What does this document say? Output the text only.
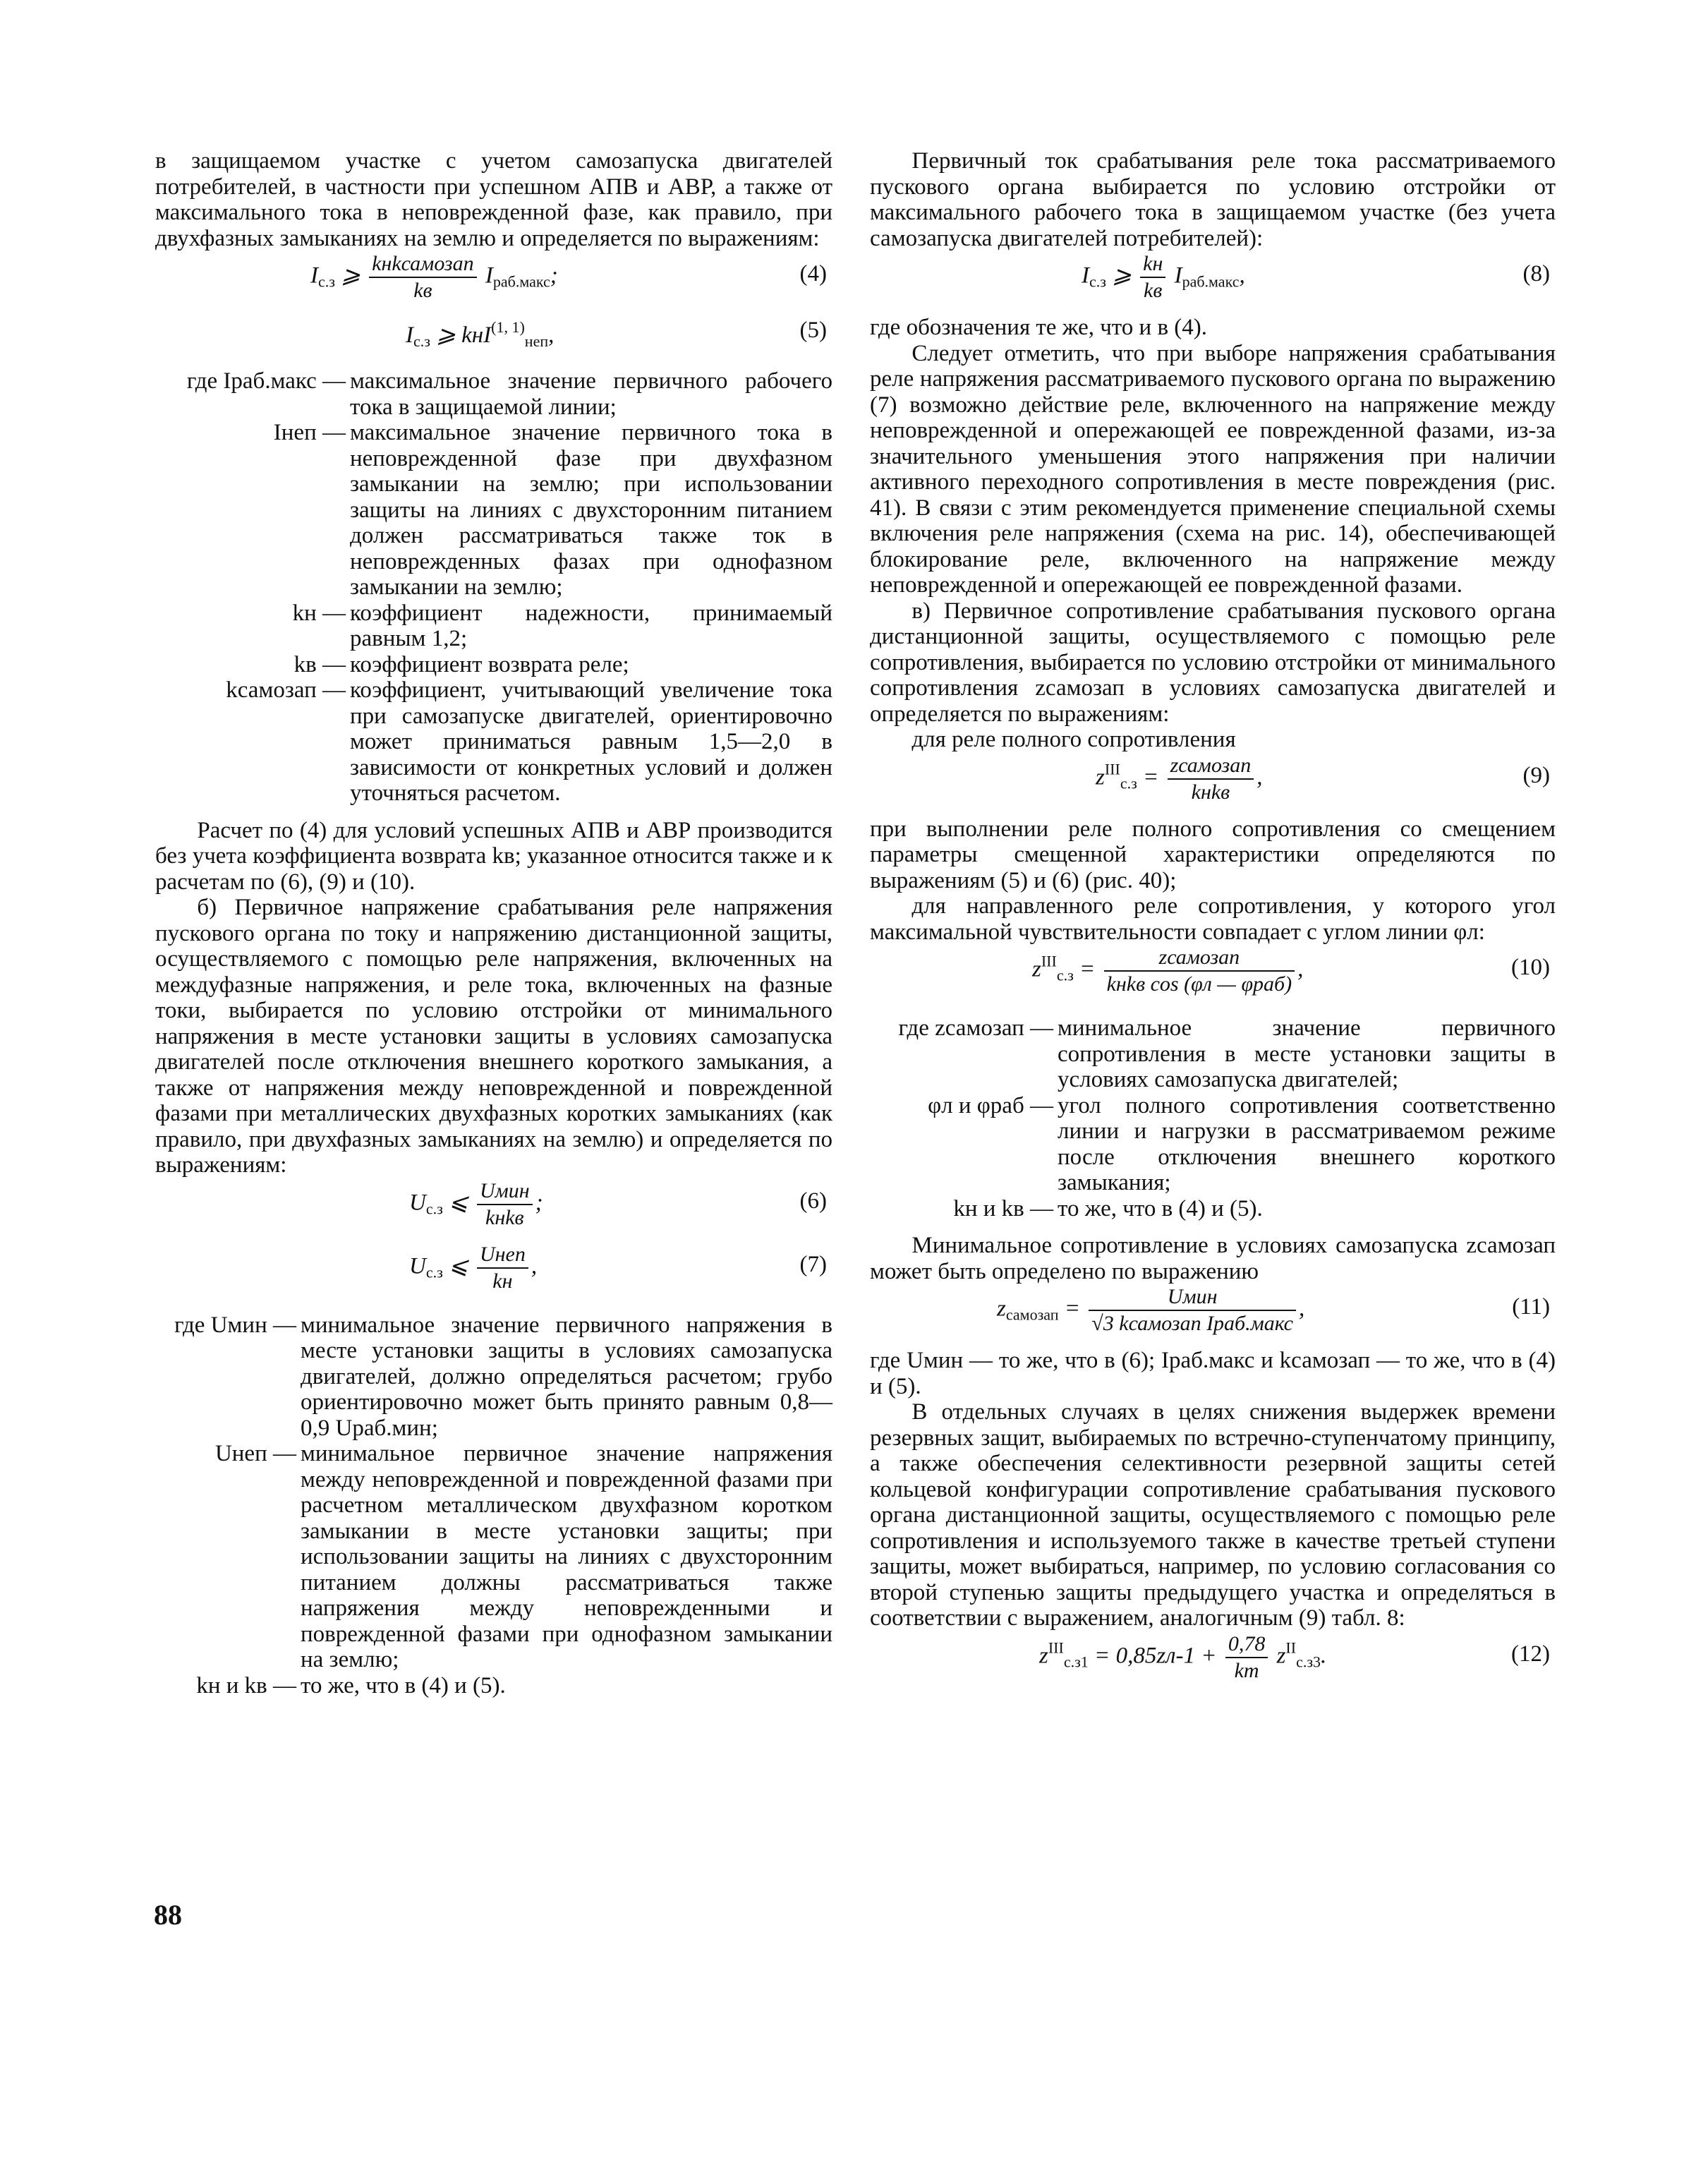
в защищаемом участке с учетом самозапуска двигателей потребителей, в частности при успешном АПВ и АВР, а также от максимального тока в неповрежденной фазе, как правило, при двухфазных замыканиях на землю и определяется по выражениям:

$I_{с.з}$ ⩾ $\frac{\text{kнkсамозап}}{kв} I_{раб.макс}$;	(4)
$I_{с.з}$ ⩾ kнI$^{(1, 1)}_{неп}$,	(5)
где Iраб.макс — максимальное значение первичного рабочего тока в защищаемой линии;
Iнеп — максимальное значение первичного тока в неповрежденной фазе при двухфазном замыкании на землю; при использовании защиты на линиях с двухсторонним питанием должен рассматриваться также ток в неповрежденных фазах при однофазном замыкании на землю;
kн — коэффициент надежности, принимаемый равным 1,2;
kв — коэффициент возврата реле;
kсамозап — коэффициент, учитывающий увеличение тока при самозапуске двигателей, ориентировочно может приниматься равным 1,5—2,0 в зависимости от конкретных условий и должен уточняться расчетом.

Расчет по (4) для условий успешных АПВ и АВР производится без учета коэффициента возврата kв; указанное относится также и к расчетам по (6), (9) и (10).

б) Первичное напряжение срабатывания реле напряжения пускового органа по току и напряжению дистанционной защиты, осуществляемого с помощью реле напряжения, включенных на междуфазные напряжения, и реле тока, включенных на фазные токи, выбирается по условию отстройки от минимального напряжения в месте установки защиты в условиях самозапуска двигателей после отключения внешнего короткого замыкания, а также от напряжения между неповрежденной и поврежденной фазами при металлических двухфазных коротких замыканиях (как правило, при двухфазных замыканиях на землю) и определяется по выражениям:

$U_{с.з}$ ⩽ $\frac{\text{Uмин}}{\text{kнkв}}$ ;	(6)
$U_{с.з}$ ⩽ $\frac{\text{Uнеп}}{kн}$ ,	(7)
где Uмин — минимальное значение первичного напряжения в месте установки защиты в условиях самозапуска двигателей, должно определяться расчетом; грубо ориентировочно может быть принято равным 0,8—0,9 Uраб.мин;
Uнеп — минимальное первичное значение напряжения между неповрежденной и поврежденной фазами при расчетном металлическом двухфазном коротком замыкании в месте установки защиты; при использовании защиты на линиях с двухсторонним питанием должны рассматриваться также напряжения между неповрежденными и поврежденной фазами при однофазном замыкании на землю;
kн и kв — то же, что в (4) и (5).

Первичный ток срабатывания реле тока рассматриваемого пускового органа выбирается по условию отстройки от максимального рабочего тока в защищаемом участке (без учета самозапуска двигателей потребителей):

$I_{с.з}$ ⩾ $\frac{kн}{kв} I_{раб.макс}$,	(8)

где обозначения те же, что и в (4).

Следует отметить, что при выборе напряжения срабатывания реле напряжения рассматриваемого пускового органа по выражению (7) возможно действие реле, включенного на напряжение между неповрежденной и опережающей ее поврежденной фазами, из-за значительного уменьшения этого напряжения при наличии активного переходного сопротивления в месте повреждения (рис. 41). В связи с этим рекомендуется применение специальной схемы включения реле напряжения (схема на рис. 14), обеспечивающей блокирование реле, включенного на напряжение между неповрежденной и опережающей ее поврежденной фазами.

в) Первичное сопротивление срабатывания пускового органа дистанционной защиты, осуществляемого с помощью реле сопротивления, выбирается по условию отстройки от минимального сопротивления zсамозап в условиях самозапуска двигателей и определяется по выражениям:

для реле полного сопротивления

$z^{III}_{с.з} = \frac{\text{zсамозап}}{\text{kнkв}}$ ,	(9)

при выполнении реле полного сопротивления со смещением параметры смещенной характеристики определяются по выражениям (5) и (6) (рис. 40);

для направленного реле сопротивления, у которого угол максимальной чувствительности совпадает с углом линии φл:

$z^{III}_{с.з} = \frac{\text{zсамозап}}{\text{kнkв cos (φл — φраб)}}$ ,	(10)
где zсамозап — минимальное значение первичного сопротивления в месте установки защиты в условиях самозапуска двигателей;
φл и φраб — угол полного сопротивления соответственно линии и нагрузки в рассматриваемом режиме после отключения внешнего короткого замыкания;
kн и kв — то же, что в (4) и (5).

Минимальное сопротивление в условиях самозапуска zсамозап может быть определено по выражению

$z_{самозап} = \frac{\text{Uмин}}{\text{√3 kсамозап Iраб.макс}}$ ,	(11)

где Uмин — то же, что в (6); Iраб.макс и kсамозап — то же, что в (4) и (5).

В отдельных случаях в целях снижения выдержек времени резервных защит, выбираемых по встречно-ступенчатому принципу, а также обеспечения селективности резервной защиты сетей кольцевой конфигурации сопротивление срабатывания пускового органа дистанционной защиты, осуществляемого с помощью реле сопротивления и используемого также в качестве третьей ступени защиты, может выбираться, например, по условию согласования со второй ступенью защиты предыдущего участка и определяться в соответствии с выражением, аналогичным (9) табл. 8:

$z^{III}_{с.з1} = 0,85zл-1 + \frac{0,78}{kт} z^{II}_{с.з3}$.	(12)
88
